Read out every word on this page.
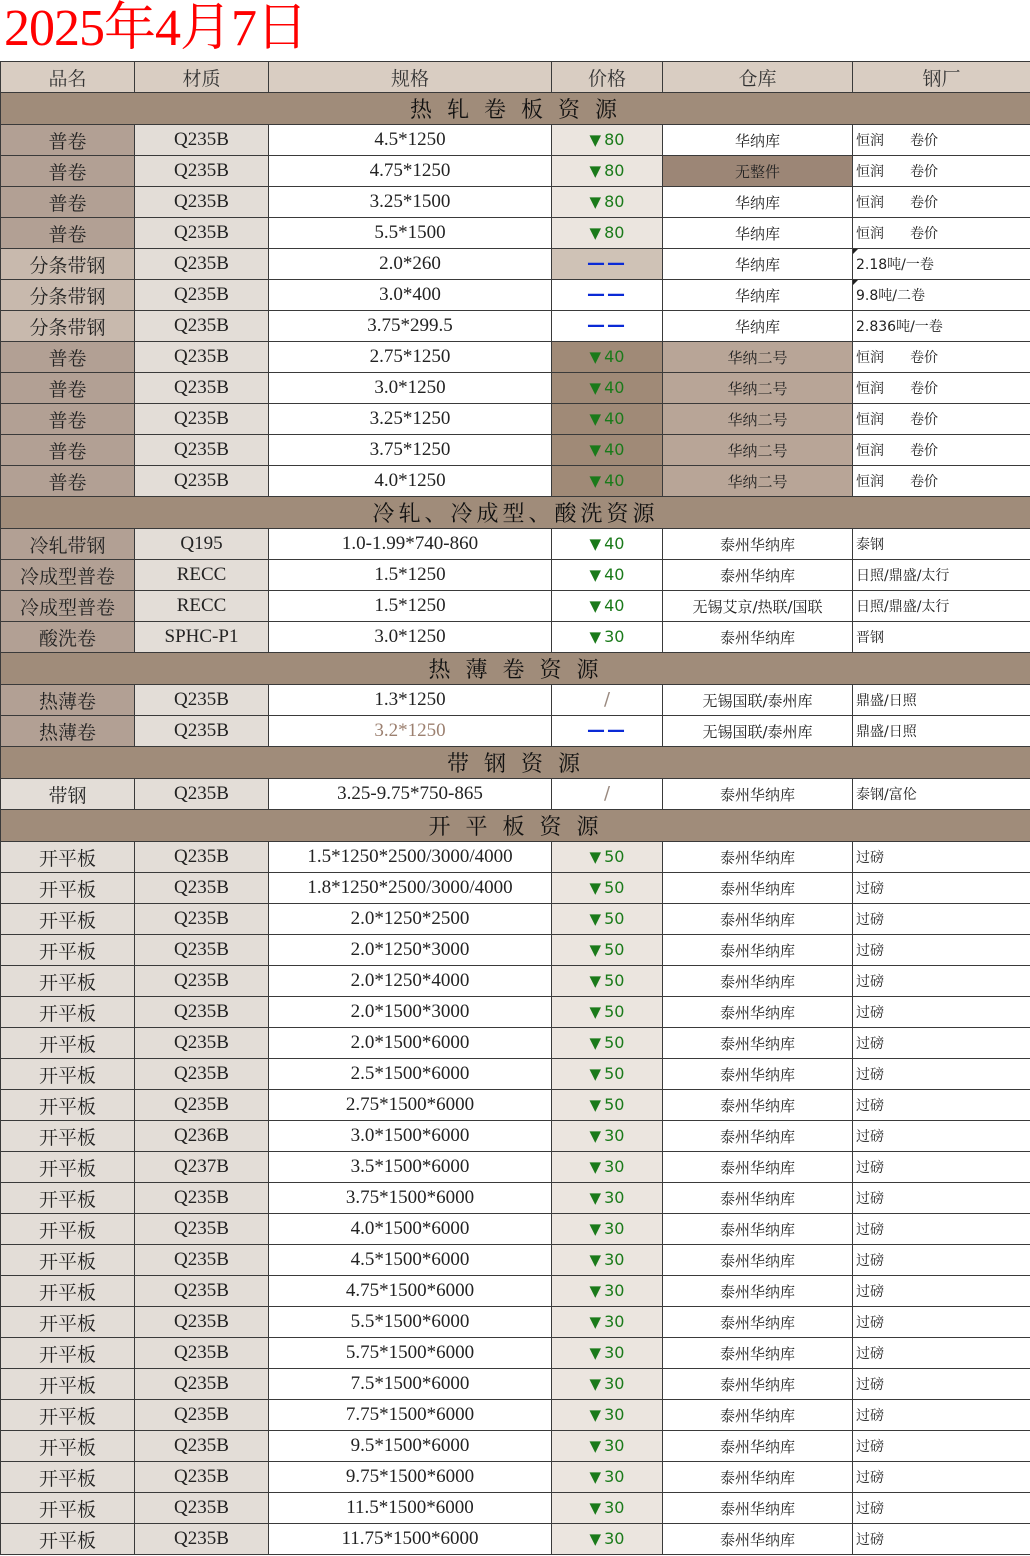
2025年4月7日
品名	材质	规格	价格	仓库	钢厂
热 轧 卷 板 资 源					
普卷	Q235B	4.5*1250	▼ 80	华纳库	恒润 卷价
普卷	Q235B	4.75*1250	▼ 80	无整件	恒润 卷价
普卷	Q235B	3.25*1500	▼ 80	华纳库	恒润 卷价
普卷	Q235B	5.5*1500	▼ 80	华纳库	恒润 卷价
分条带钢	Q235B	2.0*260	——	华纳库	2.18吨/一卷
分条带钢	Q235B	3.0*400	——	华纳库	9.8吨/二卷
分条带钢	Q235B	3.75*299.5	——	华纳库	2.836吨/一卷
普卷	Q235B	2.75*1250	▼ 40	华纳二号	恒润 卷价
普卷	Q235B	3.0*1250	▼ 40	华纳二号	恒润 卷价
普卷	Q235B	3.25*1250	▼ 40	华纳二号	恒润 卷价
普卷	Q235B	3.75*1250	▼ 40	华纳二号	恒润 卷价
普卷	Q235B	4.0*1250	▼ 40	华纳二号	恒润 卷价
冷轧、冷成型、酸洗资源					
冷轧带钢	Q195	1.0-1.99*740-860	▼ 40	泰州华纳库	泰钢
冷成型普卷	RECC	1.5*1250	▼ 40	泰州华纳库	日照/鼎盛/太行
冷成型普卷	RECC	1.5*1250	▼ 40	无锡艾京/热联/国联	日照/鼎盛/太行
酸洗卷	SPHC-P1	3.0*1250	▼ 30	泰州华纳库	晋钢
热 薄 卷 资 源					
热薄卷	Q235B	1.3*1250	/	无锡国联/泰州库	鼎盛/日照
热薄卷	Q235B	3.2*1250	——	无锡国联/泰州库	鼎盛/日照
带 钢 资 源					
带钢	Q235B	3.25-9.75*750-865	/	泰州华纳库	泰钢/富伦
开 平 板 资 源					
开平板	Q235B	1.5*1250*2500/3000/4000	▼ 50	泰州华纳库	过磅
开平板	Q235B	1.8*1250*2500/3000/4000	▼ 50	泰州华纳库	过磅
开平板	Q235B	2.0*1250*2500	▼ 50	泰州华纳库	过磅
开平板	Q235B	2.0*1250*3000	▼ 50	泰州华纳库	过磅
开平板	Q235B	2.0*1250*4000	▼ 50	泰州华纳库	过磅
开平板	Q235B	2.0*1500*3000	▼ 50	泰州华纳库	过磅
开平板	Q235B	2.0*1500*6000	▼ 50	泰州华纳库	过磅
开平板	Q235B	2.5*1500*6000	▼ 50	泰州华纳库	过磅
开平板	Q235B	2.75*1500*6000	▼ 50	泰州华纳库	过磅
开平板	Q236B	3.0*1500*6000	▼ 30	泰州华纳库	过磅
开平板	Q237B	3.5*1500*6000	▼ 30	泰州华纳库	过磅
开平板	Q235B	3.75*1500*6000	▼ 30	泰州华纳库	过磅
开平板	Q235B	4.0*1500*6000	▼ 30	泰州华纳库	过磅
开平板	Q235B	4.5*1500*6000	▼ 30	泰州华纳库	过磅
开平板	Q235B	4.75*1500*6000	▼ 30	泰州华纳库	过磅
开平板	Q235B	5.5*1500*6000	▼ 30	泰州华纳库	过磅
开平板	Q235B	5.75*1500*6000	▼ 30	泰州华纳库	过磅
开平板	Q235B	7.5*1500*6000	▼ 30	泰州华纳库	过磅
开平板	Q235B	7.75*1500*6000	▼ 30	泰州华纳库	过磅
开平板	Q235B	9.5*1500*6000	▼ 30	泰州华纳库	过磅
开平板	Q235B	9.75*1500*6000	▼ 30	泰州华纳库	过磅
开平板	Q235B	11.5*1500*6000	▼ 30	泰州华纳库	过磅
开平板	Q235B	11.75*1500*6000	▼ 30	泰州华纳库	过磅
